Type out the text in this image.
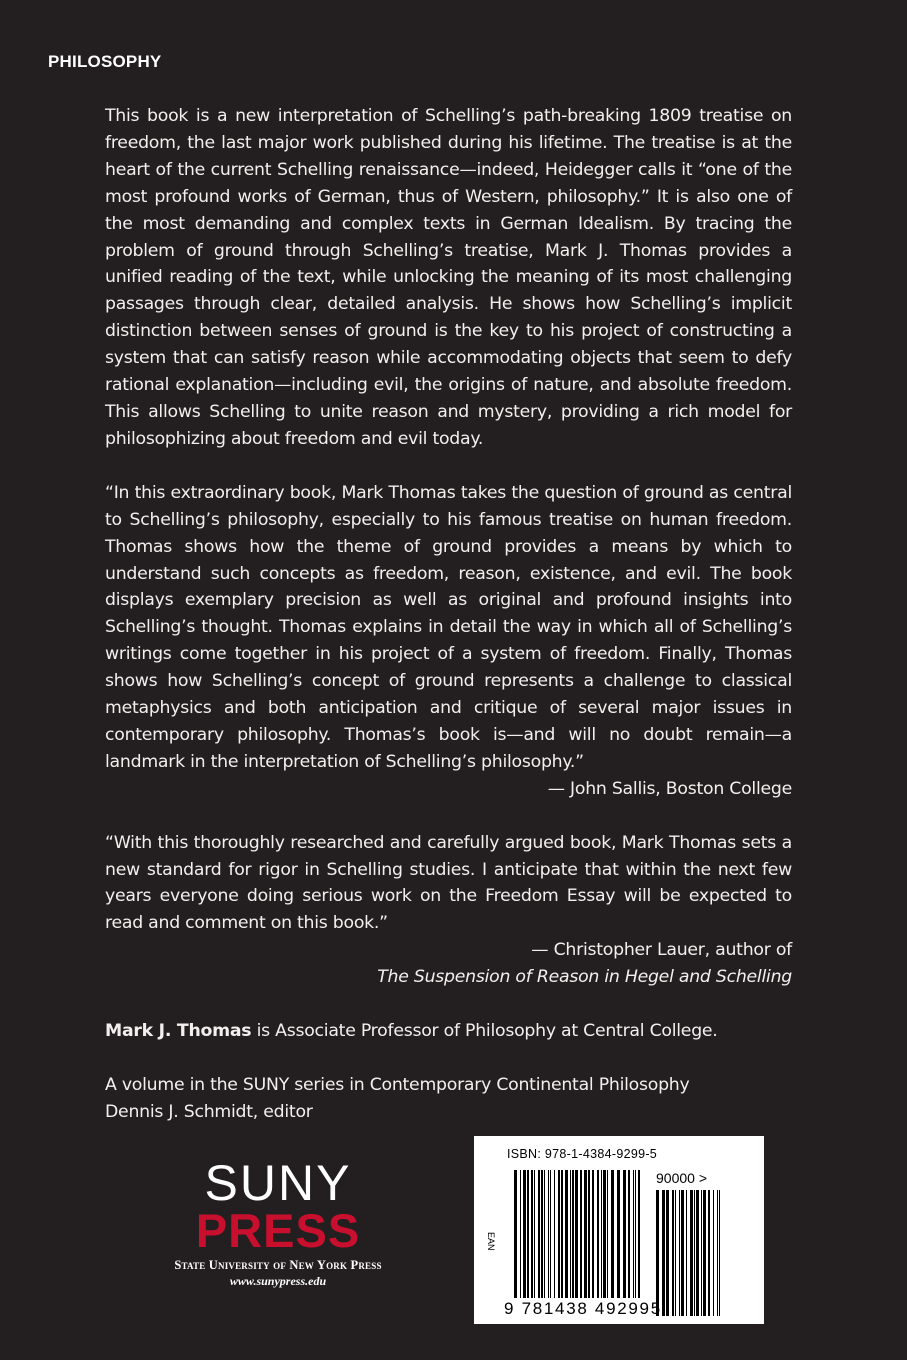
PHILOSOPHY

This book is a new interpretation of Schelling’s path-breaking 1809 treatise on freedom, the last major work published during his lifetime. The treatise is at the heart of the current Schelling renaissance—indeed, Heidegger calls it “one of the most profound works of German, thus of Western, philosophy.” It is also one of the most demanding and complex texts in German Idealism. By tracing the problem of ground through Schelling’s treatise, Mark J. Thomas provides a unified reading of the text, while unlocking the meaning of its most challenging passages through clear, detailed analysis. He shows how Schelling’s implicit distinction between senses of ground is the key to his project of constructing a system that can satisfy reason while accommodating objects that seem to defy rational explanation—including evil, the origins of nature, and absolute freedom. This allows Schelling to unite reason and mystery, providing a rich model for philosophizing about freedom and evil today.

“In this extraordinary book, Mark Thomas takes the question of ground as central to Schelling’s philosophy, especially to his famous treatise on human freedom. Thomas shows how the theme of ground provides a means by which to understand such concepts as freedom, reason, existence, and evil. The book displays exemplary precision as well as original and profound insights into Schelling’s thought. Thomas explains in detail the way in which all of Schelling’s writings come together in his project of a system of freedom. Finally, Thomas shows how Schelling’s concept of ground represents a challenge to classical metaphysics and both anticipation and critique of several major issues in contemporary philosophy. Thomas’s book is—and will no doubt remain—a landmark in the interpretation of Schelling’s philosophy.”

— John Sallis, Boston College

“With this thoroughly researched and carefully argued book, Mark Thomas sets a new standard for rigor in Schelling studies. I anticipate that within the next few years everyone doing serious work on the Freedom Essay will be expected to read and comment on this book.”

— Christopher Lauer, author of

The Suspension of Reason in Hegel and Schelling

Mark J. Thomas is Associate Professor of Philosophy at Central College.

A volume in the SUNY series in Contemporary Continental Philosophy

Dennis J. Schmidt, editor

SUNY
PRESS
State University of New York Press
www.sunypress.edu
ISBN: 978-1-4384-9299-5
EAN
90000 >
9 781438 492995
